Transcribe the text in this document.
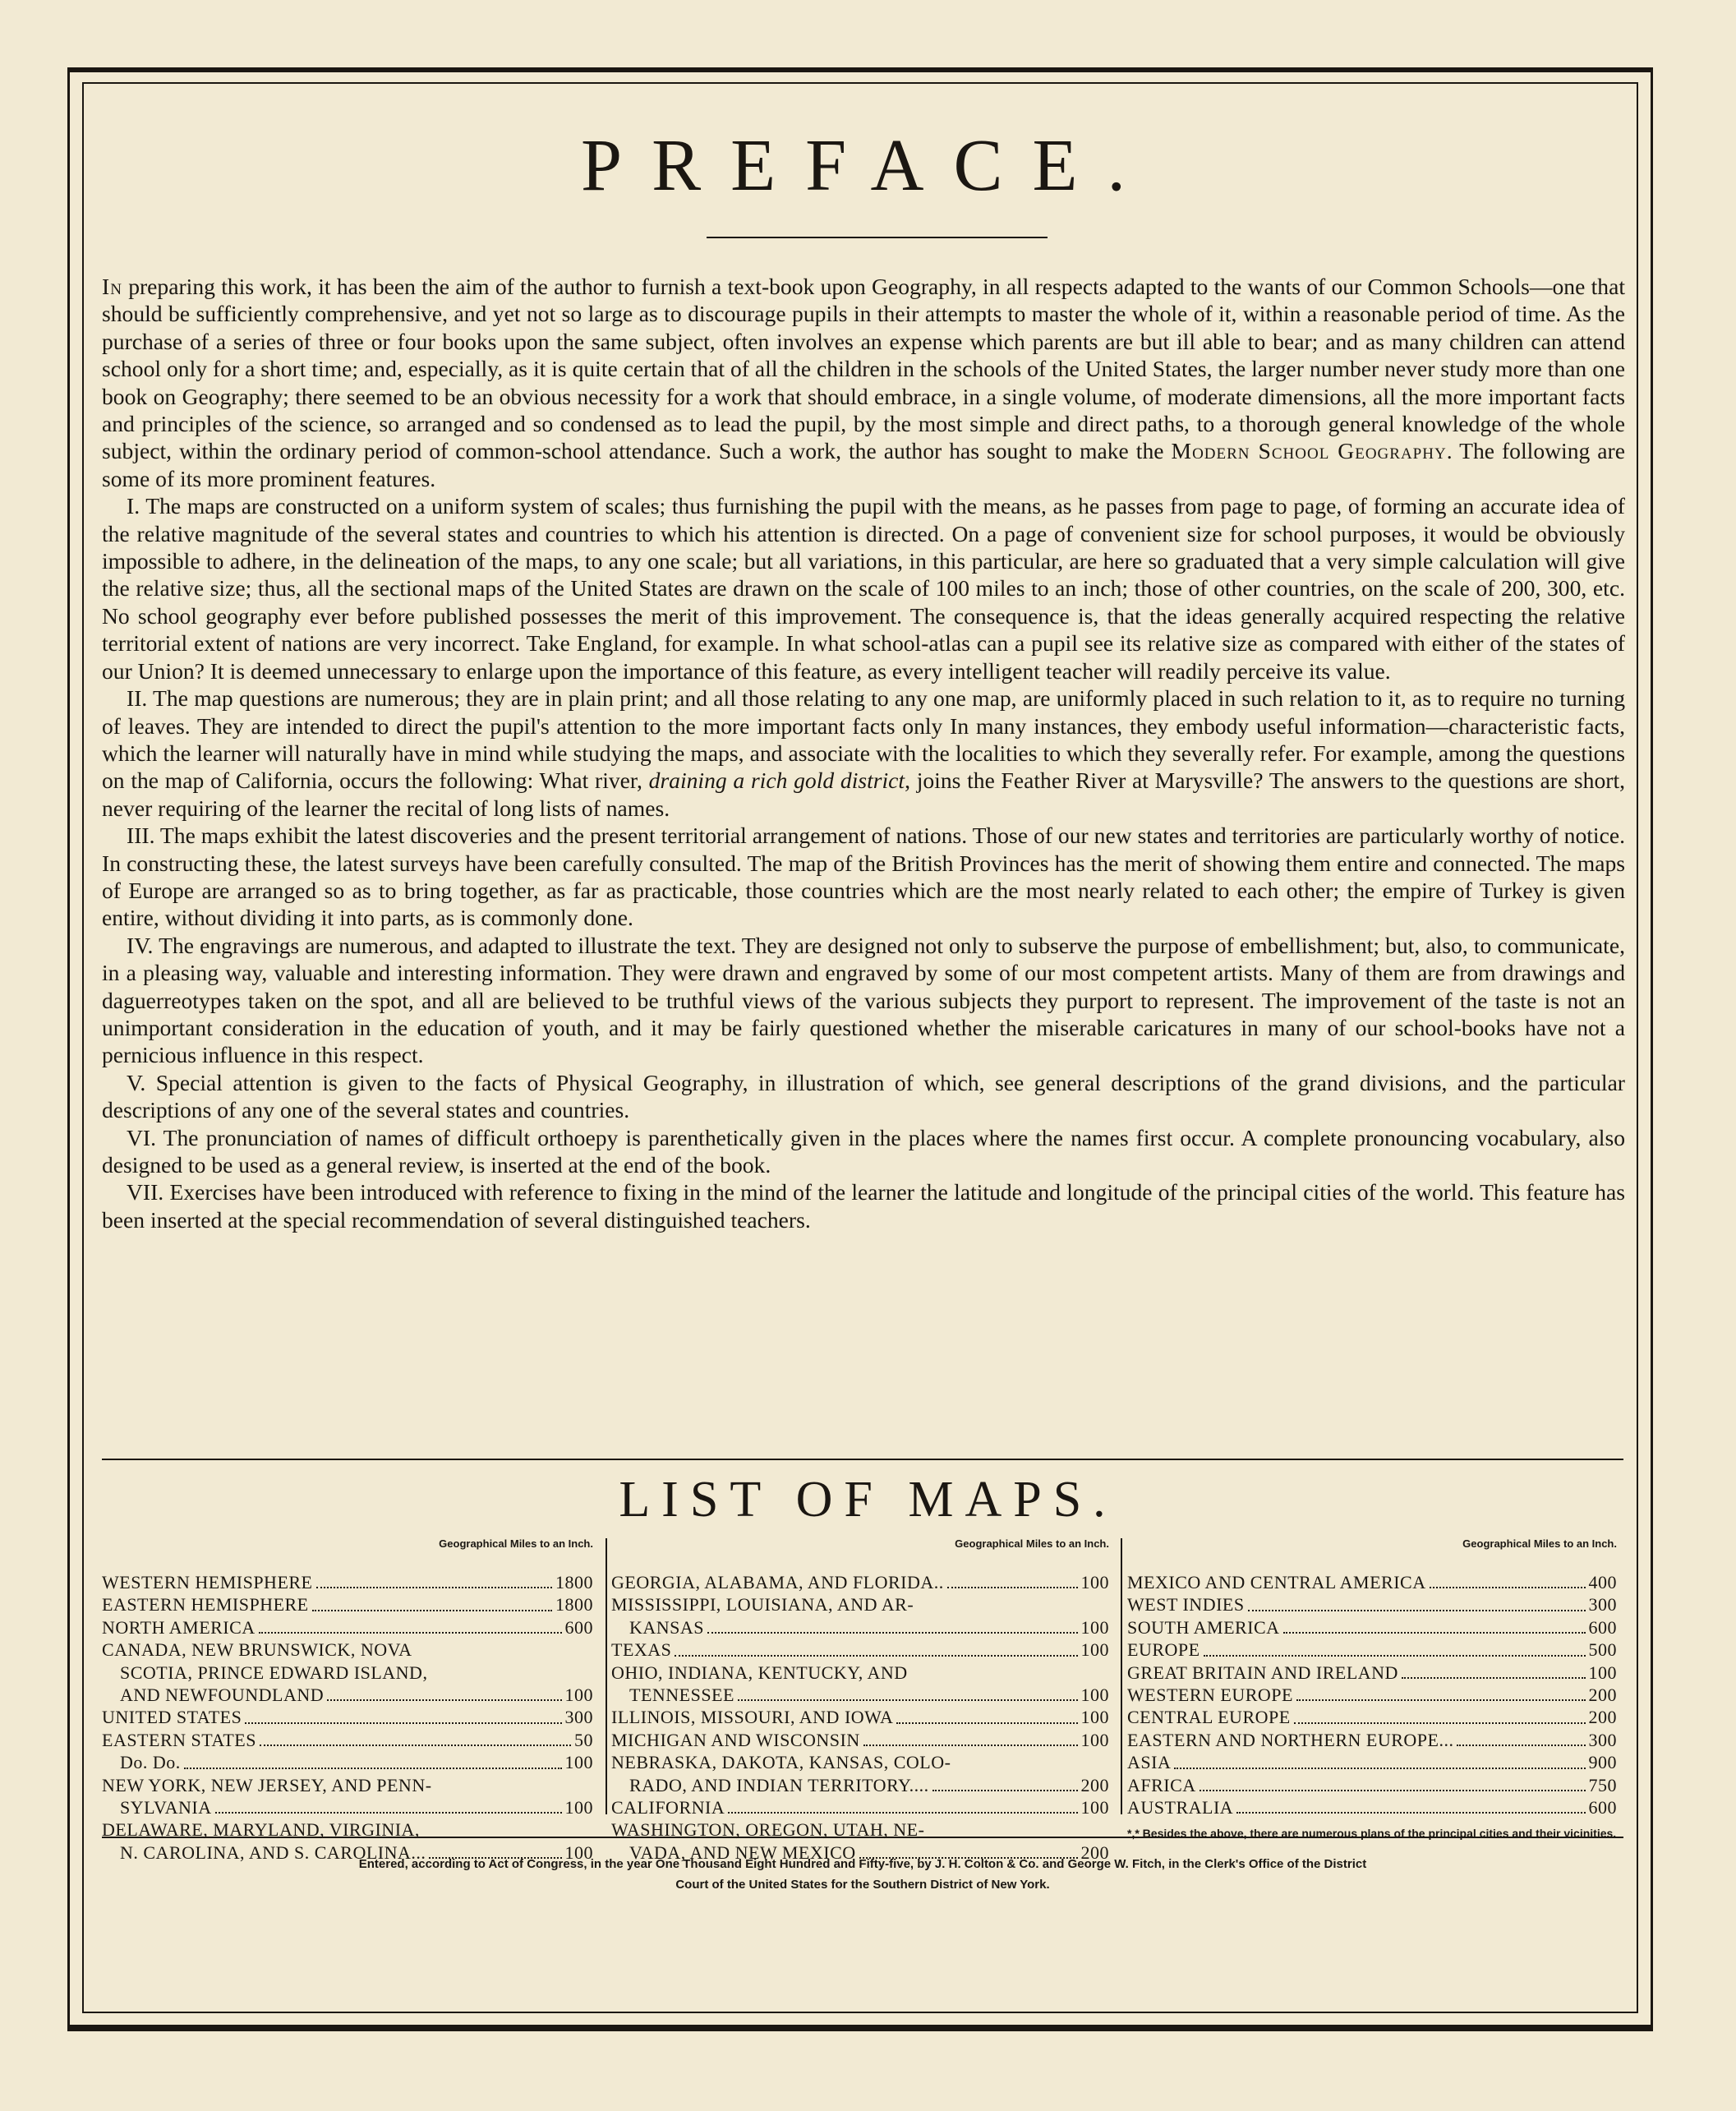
PREFACE.

In preparing this work, it has been the aim of the author to furnish a text-book upon Geography, in all respects adapted to the wants of our Common Schools—one that should be sufficiently comprehensive, and yet not so large as to discourage pupils in their attempts to master the whole of it, within a reasonable period of time. As the purchase of a series of three or four books upon the same subject, often involves an expense which parents are but ill able to bear; and as many children can attend school only for a short time; and, especially, as it is quite certain that of all the children in the schools of the United States, the larger number never study more than one book on Geography; there seemed to be an obvious necessity for a work that should embrace, in a single volume, of moderate dimensions, all the more important facts and principles of the science, so arranged and so condensed as to lead the pupil, by the most simple and direct paths, to a thorough general knowledge of the whole subject, within the ordinary period of common-school attendance. Such a work, the author has sought to make the Modern School Geography. The following are some of its more prominent features.

I. The maps are constructed on a uniform system of scales; thus furnishing the pupil with the means, as he passes from page to page, of forming an accurate idea of the relative magnitude of the several states and countries to which his attention is directed. On a page of convenient size for school purposes, it would be obviously impossible to adhere, in the delineation of the maps, to any one scale; but all variations, in this particular, are here so graduated that a very simple calculation will give the relative size; thus, all the sectional maps of the United States are drawn on the scale of 100 miles to an inch; those of other countries, on the scale of 200, 300, etc. No school geography ever before published possesses the merit of this improvement. The consequence is, that the ideas generally acquired respecting the relative territorial extent of nations are very incorrect. Take England, for example. In what school-atlas can a pupil see its relative size as compared with either of the states of our Union? It is deemed unnecessary to enlarge upon the importance of this feature, as every intelligent teacher will readily perceive its value.

II. The map questions are numerous; they are in plain print; and all those relating to any one map, are uniformly placed in such relation to it, as to require no turning of leaves. They are intended to direct the pupil's attention to the more important facts only In many instances, they embody useful information—characteristic facts, which the learner will naturally have in mind while studying the maps, and associate with the localities to which they severally refer. For example, among the questions on the map of California, occurs the following: What river, draining a rich gold district, joins the Feather River at Marysville? The answers to the questions are short, never requiring of the learner the recital of long lists of names.

III. The maps exhibit the latest discoveries and the present territorial arrangement of nations. Those of our new states and territories are particularly worthy of notice. In constructing these, the latest surveys have been carefully consulted. The map of the British Provinces has the merit of showing them entire and connected. The maps of Europe are arranged so as to bring together, as far as practicable, those countries which are the most nearly related to each other; the empire of Turkey is given entire, without dividing it into parts, as is commonly done.

IV. The engravings are numerous, and adapted to illustrate the text. They are designed not only to subserve the purpose of embellishment; but, also, to communicate, in a pleasing way, valuable and interesting information. They were drawn and engraved by some of our most competent artists. Many of them are from drawings and daguerreotypes taken on the spot, and all are believed to be truthful views of the various subjects they purport to represent. The improvement of the taste is not an unimportant consideration in the education of youth, and it may be fairly questioned whether the miserable caricatures in many of our school-books have not a pernicious influence in this respect.

V. Special attention is given to the facts of Physical Geography, in illustration of which, see general descriptions of the grand divisions, and the particular descriptions of any one of the several states and countries.

VI. The pronunciation of names of difficult orthoepy is parenthetically given in the places where the names first occur. A complete pronouncing vocabulary, also designed to be used as a general review, is inserted at the end of the book.

VII. Exercises have been introduced with reference to fixing in the mind of the learner the latitude and longitude of the principal cities of the world. This feature has been inserted at the special recommendation of several distinguished teachers.

LIST OF MAPS.
Geographical Miles to an Inch.
WESTERN HEMISPHERE	1800
EASTERN HEMISPHERE	1800
NORTH AMERICA	600
CANADA, NEW BRUNSWICK, NOVA
SCOTIA, PRINCE EDWARD ISLAND,
AND NEWFOUNDLAND	100
UNITED STATES	300
EASTERN STATES	50
Do. Do.	100
NEW YORK, NEW JERSEY, AND PENN-
SYLVANIA	100
DELAWARE, MARYLAND, VIRGINIA,
N. CAROLINA, AND S. CAROLINA...	100
Geographical Miles to an Inch.
GEORGIA, ALABAMA, AND FLORIDA..	100
MISSISSIPPI, LOUISIANA, AND AR-
KANSAS	100
TEXAS	100
OHIO, INDIANA, KENTUCKY, AND
TENNESSEE	100
ILLINOIS, MISSOURI, AND IOWA	100
MICHIGAN AND WISCONSIN	100
NEBRASKA, DAKOTA, KANSAS, COLO-
RADO, AND INDIAN TERRITORY....	200
CALIFORNIA	100
WASHINGTON, OREGON, UTAH, NE-
VADA, AND NEW MEXICO	200
Geographical Miles to an Inch.
MEXICO AND CENTRAL AMERICA	400
WEST INDIES	300
SOUTH AMERICA	600
EUROPE	500
GREAT BRITAIN AND IRELAND	100
WESTERN EUROPE	200
CENTRAL EUROPE	200
EASTERN AND NORTHERN EUROPE...	300
ASIA	900
AFRICA	750
AUSTRALIA	600
*,* Besides the above, there are numerous plans of the principal cities and their vicinities.
Entered, according to Act of Congress, in the year One Thousand Eight Hundred and Fifty-five, by J. H. Colton & Co. and George W. Fitch, in the Clerk's Office of the District
Court of the United States for the Southern District of New York.
